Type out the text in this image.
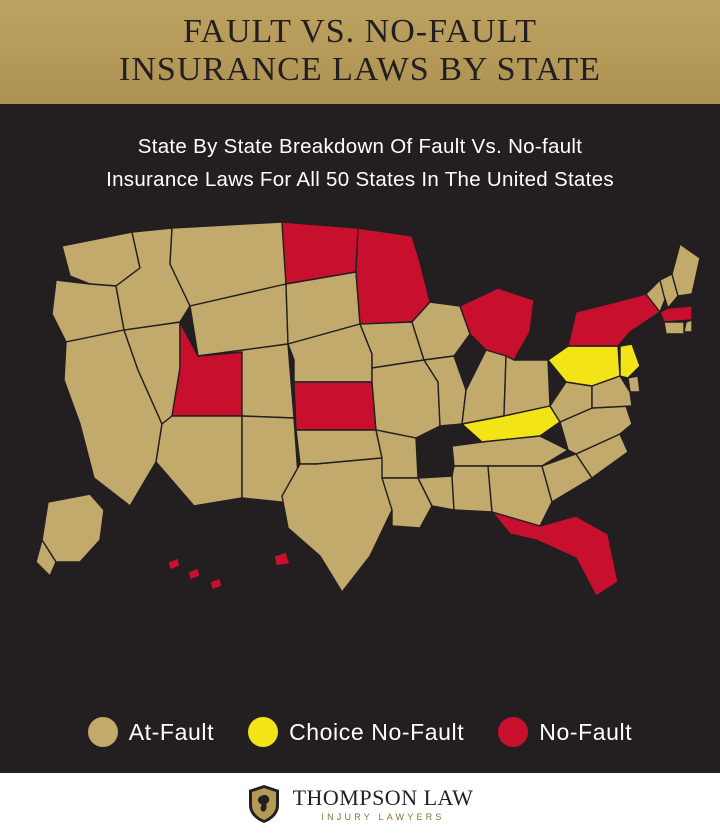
FAULT VS. NO-FAULT
INSURANCE LAWS BY STATE
State By State Breakdown Of Fault Vs. No-fault
Insurance Laws For All 50 States In The United States
At-Fault	Choice No-Fault	No-Fault
THOMPSON LAW
INJURY LAWYERS
